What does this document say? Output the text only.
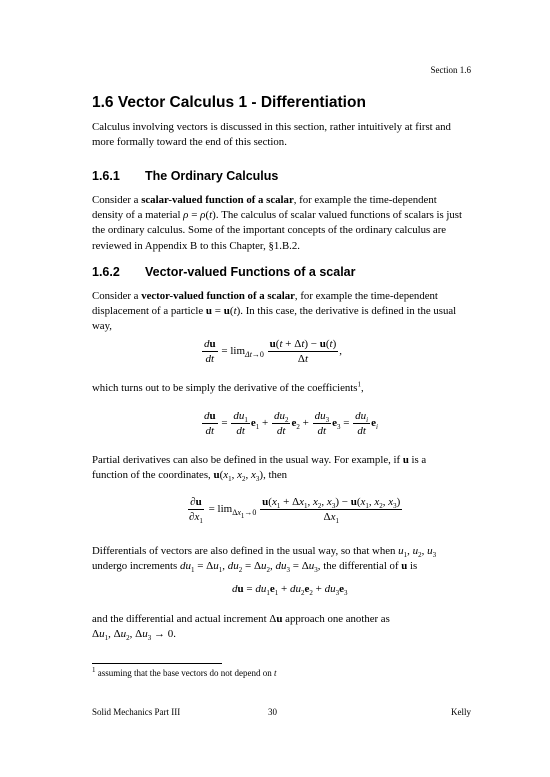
Section 1.6
1.6 Vector Calculus 1 - Differentiation
Calculus involving vectors is discussed in this section, rather intuitively at first and more formally toward the end of this section.
1.6.1 The Ordinary Calculus
Consider a scalar-valued function of a scalar, for example the time-dependent density of a material ρ = ρ(t). The calculus of scalar valued functions of scalars is just the ordinary calculus. Some of the important concepts of the ordinary calculus are reviewed in Appendix B to this Chapter, §1.B.2.
1.6.2 Vector-valued Functions of a scalar
Consider a vector-valued function of a scalar, for example the time-dependent displacement of a particle u = u(t). In this case, the derivative is defined in the usual way,
$\frac{du}{dt} = \lim_{\Delta t\to 0} \frac{u(t + \Delta t) - u(t)}{\Delta t}$ ,
which turns out to be simply the derivative of the coefficients$^1$,
$\frac{du}{dt} = \frac{du_1}{dt} e_1 + \frac{du_2}{dt} e_2 + \frac{du_3}{dt} e_3 = \frac{du_i}{dt} e_i$
Partial derivatives can also be defined in the usual way. For example, if u is a function of the coordinates, $u(x_1$, $x_2$, $x_3$), then
$\frac{\partial u}{\partial x_1} = \lim_{\Delta x_1\to 0} \frac{u(x_1 + \Delta x_1, x_2, x_3) - u(x_1, x_2, x_3)}{\Delta x_1}$
Differentials of vectors are also defined in the usual way, so that when $u_1$, $u_2$, $u_3$ undergo increments $du_1 = \Delta u_1$, $du_2 = \Delta u_2$, $du_3 = \Delta u_3$, the differential of u is
du = $du_1e_1 + du_2e_2 + du_3e_3$
and the differential and actual increment Δu approach one another as
$\Delta u_1$, $\Delta u_2$, $\Delta u_3 \to 0$.
$^1$ assuming that the base vectors do not depend on t
Solid Mechanics Part III	30	Kelly
